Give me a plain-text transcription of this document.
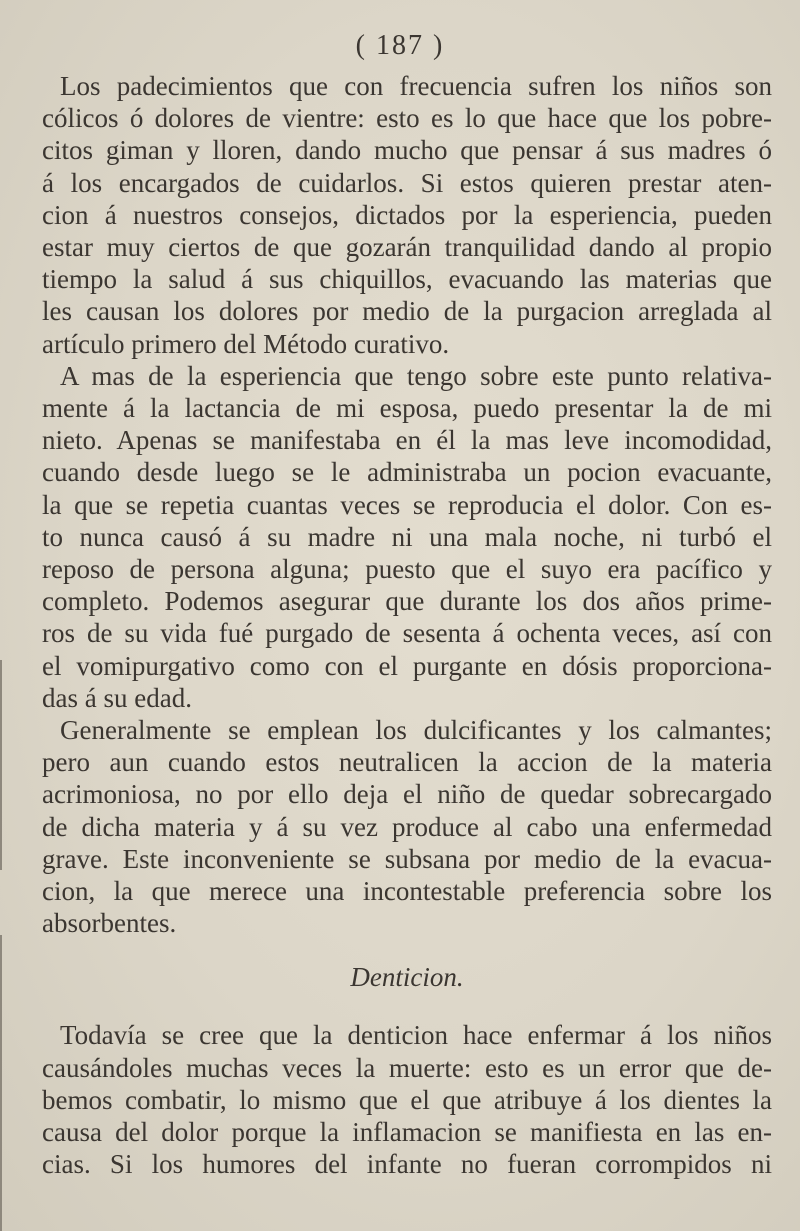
( 187 )
Los padecimientos que con frecuencia sufren los niños son
cólicos ó dolores de vientre: esto es lo que hace que los pobre-
citos giman y lloren, dando mucho que pensar á sus madres ó
á los encargados de cuidarlos. Si estos quieren prestar aten-
cion á nuestros consejos, dictados por la esperiencia, pueden
estar muy ciertos de que gozarán tranquilidad dando al propio
tiempo la salud á sus chiquillos, evacuando las materias que
les causan los dolores por medio de la purgacion arreglada al
artículo primero del Método curativo.
A mas de la esperiencia que tengo sobre este punto relativa-
mente á la lactancia de mi esposa, puedo presentar la de mi
nieto. Apenas se manifestaba en él la mas leve incomodidad,
cuando desde luego se le administraba un pocion evacuante,
la que se repetia cuantas veces se reproducia el dolor. Con es-
to nunca causó á su madre ni una mala noche, ni turbó el
reposo de persona alguna; puesto que el suyo era pacífico y
completo. Podemos asegurar que durante los dos años prime-
ros de su vida fué purgado de sesenta á ochenta veces, así con
el vomipurgativo como con el purgante en dósis proporciona-
das á su edad.
Generalmente se emplean los dulcificantes y los calmantes;
pero aun cuando estos neutralicen la accion de la materia
acrimoniosa, no por ello deja el niño de quedar sobrecargado
de dicha materia y á su vez produce al cabo una enfermedad
grave. Este inconveniente se subsana por medio de la evacua-
cion, la que merece una incontestable preferencia sobre los
absorbentes.
Denticion.
Todavía se cree que la denticion hace enfermar á los niños
causándoles muchas veces la muerte: esto es un error que de-
bemos combatir, lo mismo que el que atribuye á los dientes la
causa del dolor porque la inflamacion se manifiesta en las en-
cias. Si los humores del infante no fueran corrompidos ni
